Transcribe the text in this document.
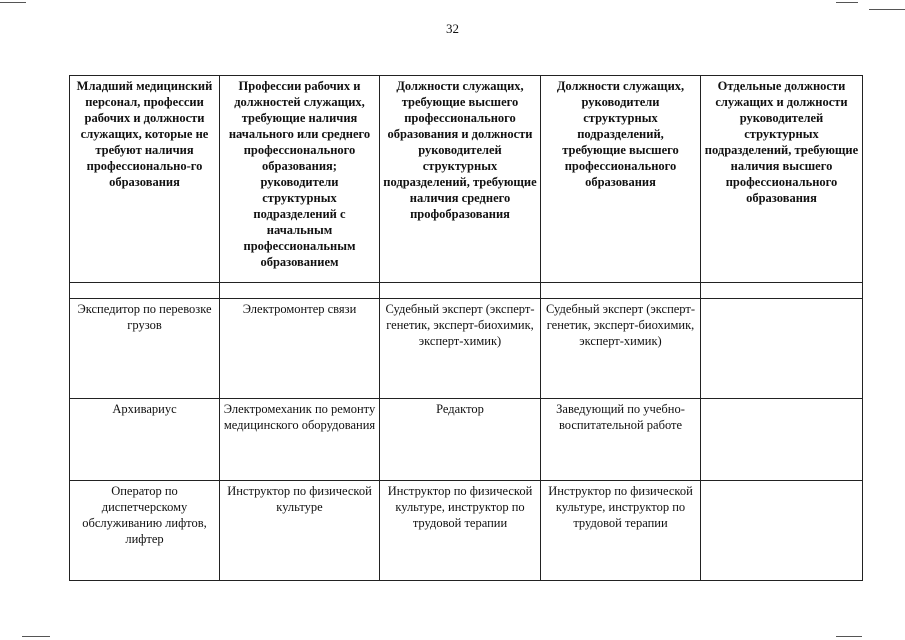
32
Младший медицинский персонал, профессии рабочих и должности служащих, которые не требуют наличия профессионально-го образования	Профессии рабочих и должностей служащих, требующие наличия начального или среднего профессионального образования; руководители структурных подразделений с начальным профессиональным образованием	Должности служащих, требующие высшего профессионального образования и должности руководителей структурных подразделений, требующие наличия среднего профобразования	Должности служащих, руководители структурных подразделений, требующие высшего профессионального образования	Отдельные должности служащих и должности руководителей структурных подразделений, требующие наличия высшего профессионального образования

Экспедитор по перевозке грузов	Электромонтер связи	Судебный эксперт (эксперт-генетик, эксперт-биохимик, эксперт-химик)	Судебный эксперт (эксперт-генетик, эксперт-биохимик, эксперт-химик)	
Архивариус	Электромеханик по ремонту медицинского оборудования	Редактор	Заведующий по учебно-воспитательной работе	
Оператор по диспетчерскому обслуживанию лифтов, лифтер	Инструктор по физической культуре	Инструктор по физической культуре, инструктор по трудовой терапии	Инструктор по физической культуре, инструктор по трудовой терапии	
